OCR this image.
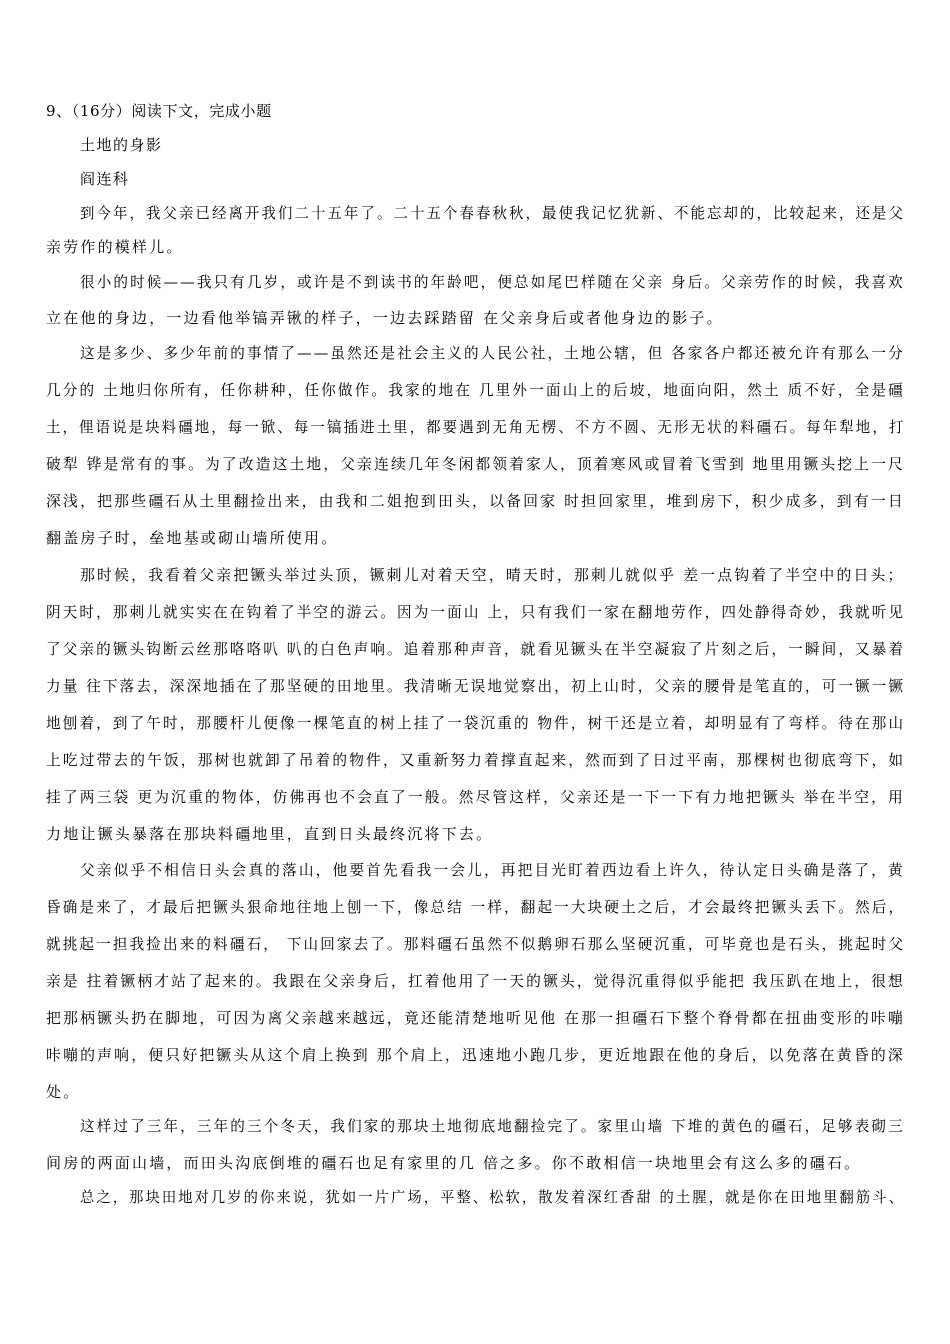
9、（16分）阅读下文，完成小题
土地的身影
阎连科
到今年，我父亲已经离开我们二十五年了。二十五个春春秋秋，最使我记忆犹新、不能忘却的，比较起来，还是父
亲劳作的模样儿。
很小的时候——我只有几岁，或许是不到读书的年龄吧，便总如尾巴样随在父亲 身后。父亲劳作的时候，我喜欢
立在他的身边，一边看他举镐弄锹的样子，一边去踩踏留 在父亲身后或者他身边的影子。
这是多少、多少年前的事情了——虽然还是社会主义的人民公社，土地公辖，但 各家各户都还被允许有那么一分
几分的 土地归你所有，任你耕种，任你做作。我家的地在 几里外一面山上的后坡，地面向阳，然土 质不好，全是礓
土，俚语说是块料礓地，每一锨、每一镐插进土里，都要遇到无角无楞、不方不圆、无形无状的料礓石。每年犁地，打
破犁 铧是常有的事。为了改造这土地，父亲连续几年冬闲都领着家人，顶着寒风或冒着飞雪到 地里用镢头挖上一尺
深浅，把那些礓石从土里翻捡出来，由我和二姐抱到田头，以备回家 时担回家里，堆到房下，积少成多，到有一日
翻盖房子时，垒地基或砌山墙所使用。
那时候，我看着父亲把镢头举过头顶，镢刺儿对着天空，晴天时，那刺儿就似乎 差一点钩着了半空中的日头；
阴天时，那刺儿就实实在在钩着了半空的游云。因为一面山 上，只有我们一家在翻地劳作，四处静得奇妙，我就听见
了父亲的镢头钩断云丝那咯咯叭 叭的白色声响。追着那种声音，就看见镢头在半空凝寂了片刻之后，一瞬间，又暴着
力量 往下落去，深深地插在了那坚硬的田地里。我清晰无误地觉察出，初上山时，父亲的腰骨是笔直的，可一镢一镢
地刨着，到了午时，那腰杆儿便像一棵笔直的树上挂了一袋沉重的 物件，树干还是立着，却明显有了弯样。待在那山
上吃过带去的午饭，那树也就卸了吊着的物件，又重新努力着撑直起来，然而到了日过平南，那棵树也彻底弯下，如
挂了两三袋 更为沉重的物体，仿佛再也不会直了一般。然尽管这样，父亲还是一下一下有力地把镢头 举在半空，用
力地让镢头暴落在那块料礓地里，直到日头最终沉将下去。
父亲似乎不相信日头会真的落山，他要首先看我一会儿，再把目光盯着西边看上许久，待认定日头确是落了，黄
昏确是来了，才最后把镢头狠命地往地上刨一下，像总结 一样，翻起一大块硬土之后，才会最终把镢头丢下。然后，
就挑起一担我捡出来的料礓石， 下山回家去了。那料礓石虽然不似鹅卵石那么坚硬沉重，可毕竟也是石头，挑起时父
亲是 拄着镢柄才站了起来的。我跟在父亲身后，扛着他用了一天的镢头，觉得沉重得似乎能把 我压趴在地上，很想
把那柄镢头扔在脚地，可因为离父亲越来越远，竟还能清楚地听见他 在那一担礓石下整个脊骨都在扭曲变形的咔嘣
咔嘣的声响，便只好把镢头从这个肩上换到 那个肩上，迅速地小跑几步，更近地跟在他的身后，以免落在黄昏的深
处。
这样过了三年，三年的三个冬天，我们家的那块土地彻底地翻捡完了。家里山墙 下堆的黄色的礓石，足够表砌三
间房的两面山墙，而田头沟底倒堆的礓石也足有家里的几 倍之多。你不敢相信一块地里会有这么多的礓石。
总之，那块田地对几岁的你来说，犹如一片广场，平整、松软，散发着深红香甜 的土腥，就是你在田地里翻筋斗、
